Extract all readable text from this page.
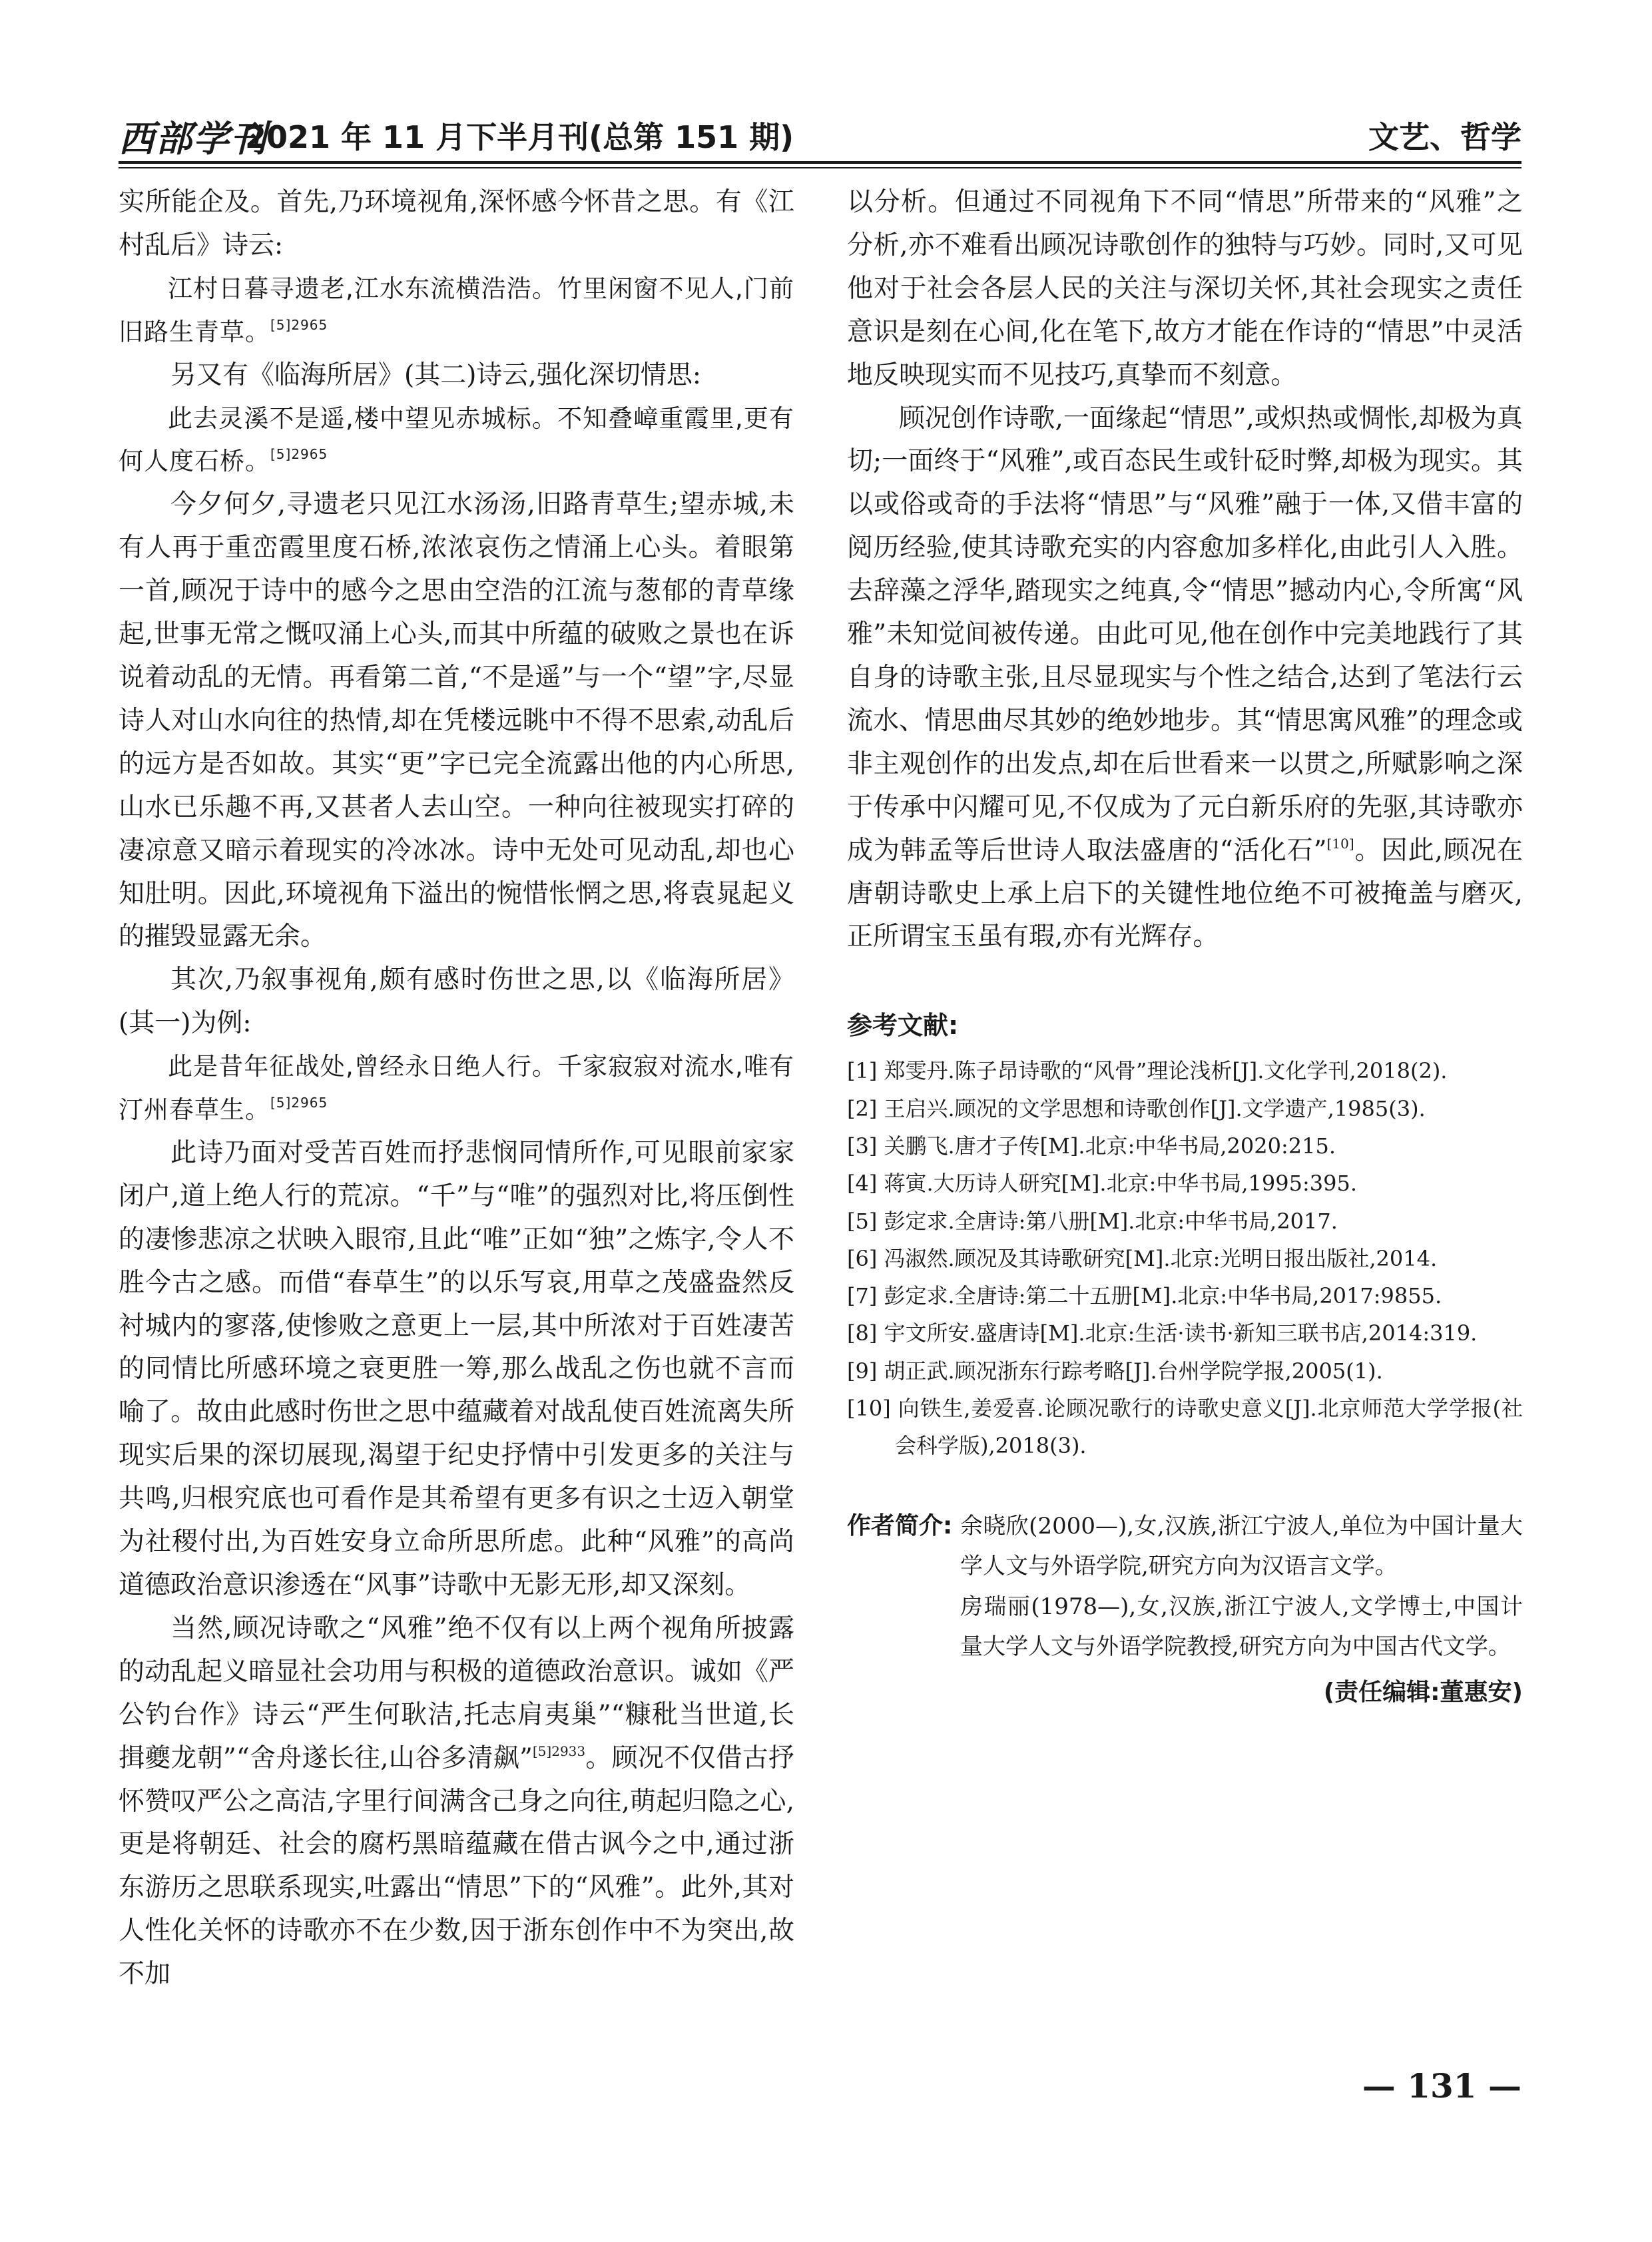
西部学刊
2021 年 11 月下半月刊(总第 151 期)	文艺、哲学

实所能企及。首先,乃环境视角,深怀感今怀昔之思。有《江村乱后》诗云:

江村日暮寻遗老,江水东流横浩浩。竹里闲窗不见人,门前旧路生青草。$^{[5]2965}$

另又有《临海所居》(其二)诗云,强化深切情思:

此去灵溪不是遥,楼中望见赤城标。不知叠嶂重霞里,更有何人度石桥。$^{[5]2965}$

今夕何夕,寻遗老只见江水汤汤,旧路青草生;望赤城,未有人再于重峦霞里度石桥,浓浓哀伤之情涌上心头。着眼第一首,顾况于诗中的感今之思由空浩的江流与葱郁的青草缘起,世事无常之慨叹涌上心头,而其中所蕴的破败之景也在诉说着动乱的无情。再看第二首,“不是遥”与一个“望”字,尽显诗人对山水向往的热情,却在凭楼远眺中不得不思索,动乱后的远方是否如故。其实“更”字已完全流露出他的内心所思,山水已乐趣不再,又甚者人去山空。一种向往被现实打碎的凄凉意又暗示着现实的冷冰冰。诗中无处可见动乱,却也心知肚明。因此,环境视角下溢出的惋惜怅惘之思,将袁晁起义的摧毁显露无余。

其次,乃叙事视角,颇有感时伤世之思,以《临海所居》(其一)为例:

此是昔年征战处,曾经永日绝人行。千家寂寂对流水,唯有汀州春草生。$^{[5]2965}$

此诗乃面对受苦百姓而抒悲悯同情所作,可见眼前家家闭户,道上绝人行的荒凉。“千”与“唯”的强烈对比,将压倒性的凄惨悲凉之状映入眼帘,且此“唯”正如“独”之炼字,令人不胜今古之感。而借“春草生”的以乐写哀,用草之茂盛盎然反衬城内的寥落,使惨败之意更上一层,其中所浓对于百姓凄苦的同情比所感环境之衰更胜一筹,那么战乱之伤也就不言而喻了。故由此感时伤世之思中蕴藏着对战乱使百姓流离失所现实后果的深切展现,渴望于纪史抒情中引发更多的关注与共鸣,归根究底也可看作是其希望有更多有识之士迈入朝堂为社稷付出,为百姓安身立命所思所虑。此种“风雅”的高尚道德政治意识渗透在“风事”诗歌中无影无形,却又深刻。

当然,顾况诗歌之“风雅”绝不仅有以上两个视角所披露的动乱起义暗显社会功用与积极的道德政治意识。诚如《严公钓台作》诗云“严生何耿洁,托志肩夷巢”“糠秕当世道,长揖夔龙朝”“舍舟遂长往,山谷多清飙”$^{[5]2933}$。顾况不仅借古抒怀赞叹严公之高洁,字里行间满含己身之向往,萌起归隐之心,更是将朝廷、社会的腐朽黑暗蕴藏在借古讽今之中,通过浙东游历之思联系现实,吐露出“情思”下的“风雅”。此外,其对人性化关怀的诗歌亦不在少数,因于浙东创作中不为突出,故不加

以分析。但通过不同视角下不同“情思”所带来的“风雅”之分析,亦不难看出顾况诗歌创作的独特与巧妙。同时,又可见他对于社会各层人民的关注与深切关怀,其社会现实之责任意识是刻在心间,化在笔下,故方才能在作诗的“情思”中灵活地反映现实而不见技巧,真挚而不刻意。

顾况创作诗歌,一面缘起“情思”,或炽热或惆怅,却极为真切;一面终于“风雅”,或百态民生或针砭时弊,却极为现实。其以或俗或奇的手法将“情思”与“风雅”融于一体,又借丰富的阅历经验,使其诗歌充实的内容愈加多样化,由此引人入胜。去辞藻之浮华,踏现实之纯真,令“情思”撼动内心,令所寓“风雅”未知觉间被传递。由此可见,他在创作中完美地践行了其自身的诗歌主张,且尽显现实与个性之结合,达到了笔法行云流水、情思曲尽其妙的绝妙地步。其“情思寓风雅”的理念或非主观创作的出发点,却在后世看来一以贯之,所赋影响之深于传承中闪耀可见,不仅成为了元白新乐府的先驱,其诗歌亦成为韩孟等后世诗人取法盛唐的“活化石”[10]。因此,顾况在唐朝诗歌史上承上启下的关键性地位绝不可被掩盖与磨灭,正所谓宝玉虽有瑕,亦有光辉存。

参考文献:
[1] 郑雯丹.陈子昂诗歌的“风骨”理论浅析[J].文化学刊,2018(2).
[2] 王启兴.顾况的文学思想和诗歌创作[J].文学遗产,1985(3).
[3] 关鹏飞.唐才子传[M].北京:中华书局,2020:215.
[4] 蒋寅.大历诗人研究[M].北京:中华书局,1995:395.
[5] 彭定求.全唐诗:第八册[M].北京:中华书局,2017.
[6] 冯淑然.顾况及其诗歌研究[M].北京:光明日报出版社,2014.
[7] 彭定求.全唐诗:第二十五册[M].北京:中华书局,2017:9855.
[8] 宇文所安.盛唐诗[M].北京:生活·读书·新知三联书店,2014:319.
[9] 胡正武.顾况浙东行踪考略[J].台州学院学报,2005(1).
[10] 向铁生,姜爱喜.论顾况歌行的诗歌史意义[J].北京师范大学学报(社会科学版),2018(3).
作者简介: 余晓欣(2000—),女,汉族,浙江宁波人,单位为中国计量大学人文与外语学院,研究方向为汉语言文学。

房瑞丽(1978—),女,汉族,浙江宁波人,文学博士,中国计量大学人文与外语学院教授,研究方向为中国古代文学。

(责任编辑:董惠安)
— 131 —
